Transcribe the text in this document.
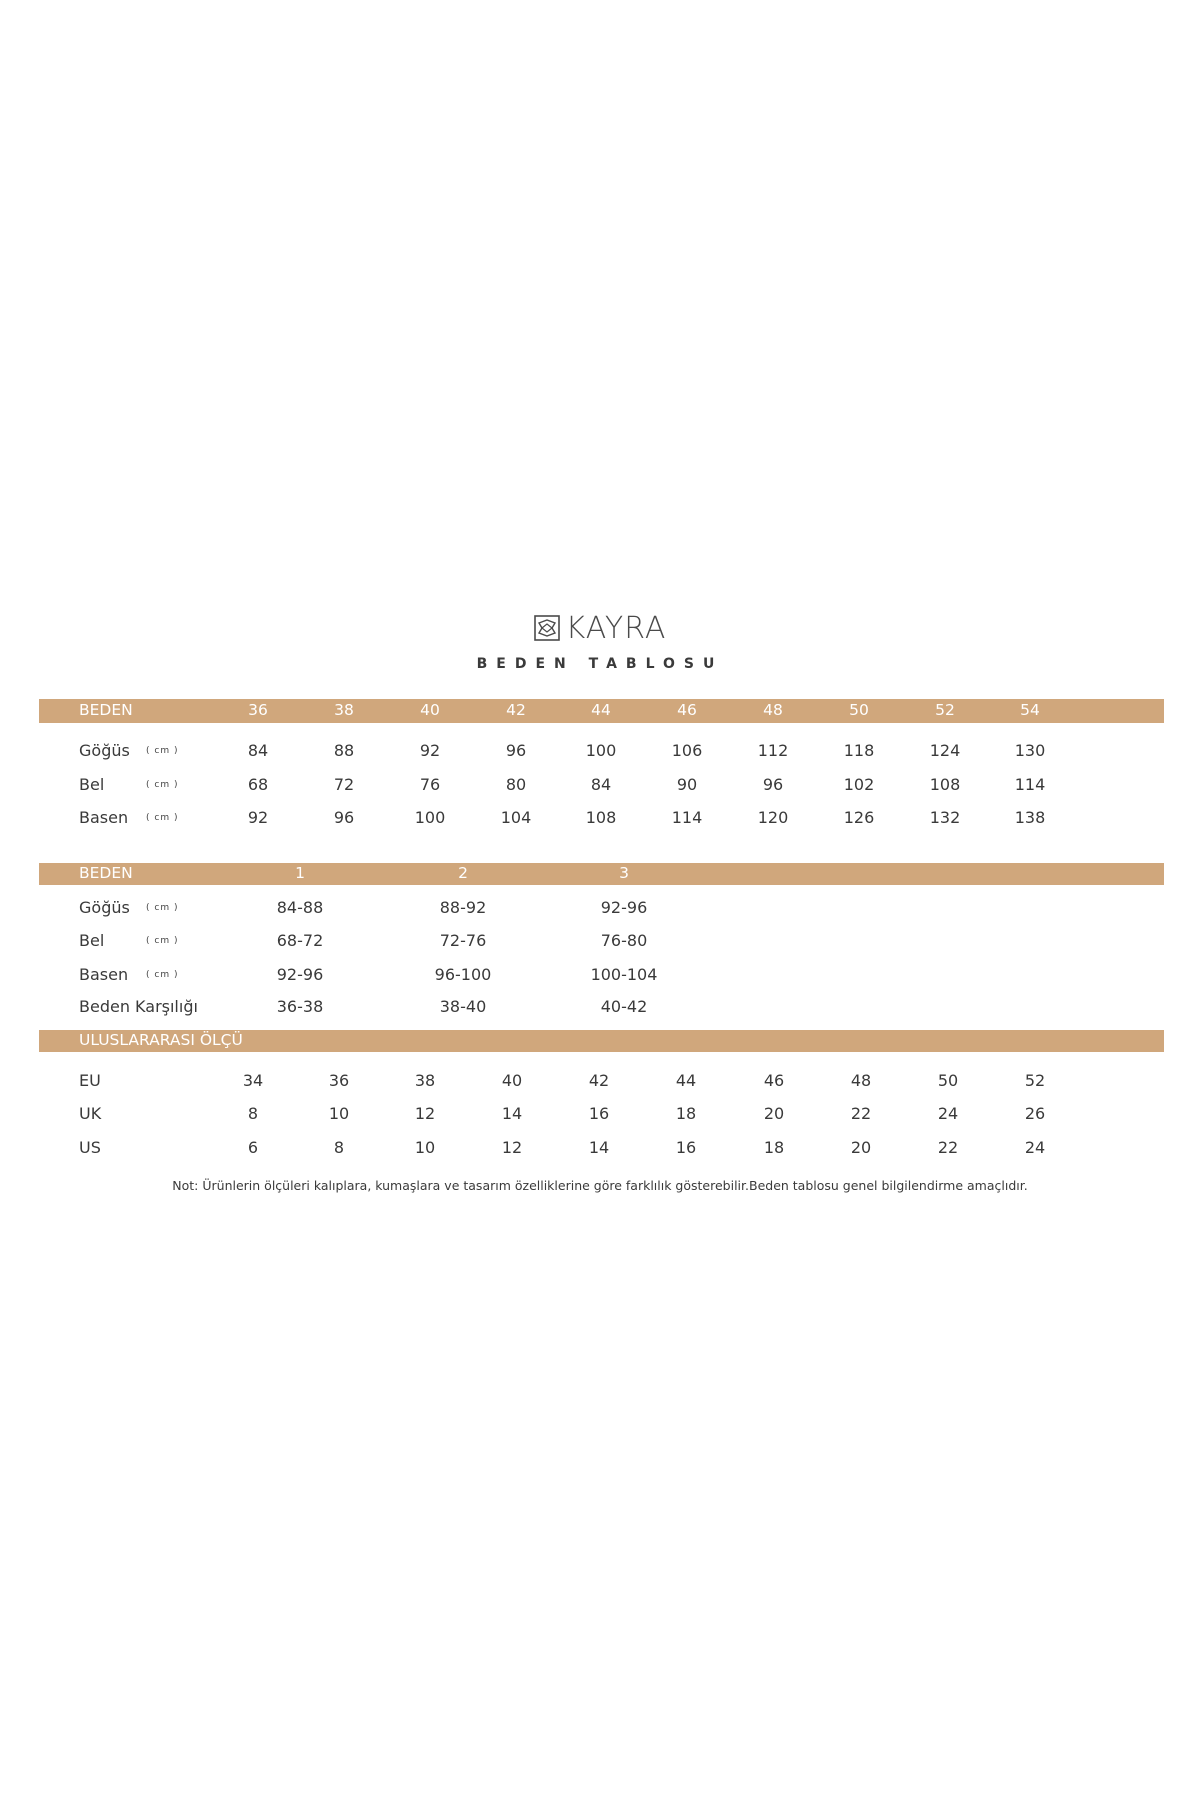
KAYRA
BEDEN TABLOSU
BEDEN	36	38	40	42	44	46	48	50	52	54
Göğüs ( cm )	84	88	92	96	100	106	112	118	124	130
Bel	( cm )	68	72	76	80	84	90	96	102	108	114
Basen ( cm )	92	96	100	104	108	114	120	126	132	138
BEDEN	1	2	3
Göğüs ( cm )	84-88	88-92	92-96
Bel	( cm )	68-72	72-76	76-80
Basen ( cm )	92-96	96-100	100-104
Beden Karşılığı	36-38	38-40	40-42
ULUSLARARASI ÖLÇÜ
EU	34	36	38	40	42	44	46	48	50	52
UK	8	10	12	14	16	18	20	22	24	26
US	6	8	10	12	14	16	18	20	22	24
Not: Ürünlerin ölçüleri kalıplara, kumaşlara ve tasarım özelliklerine göre farklılık gösterebilir.Beden tablosu genel bilgilendirme amaçlıdır.
